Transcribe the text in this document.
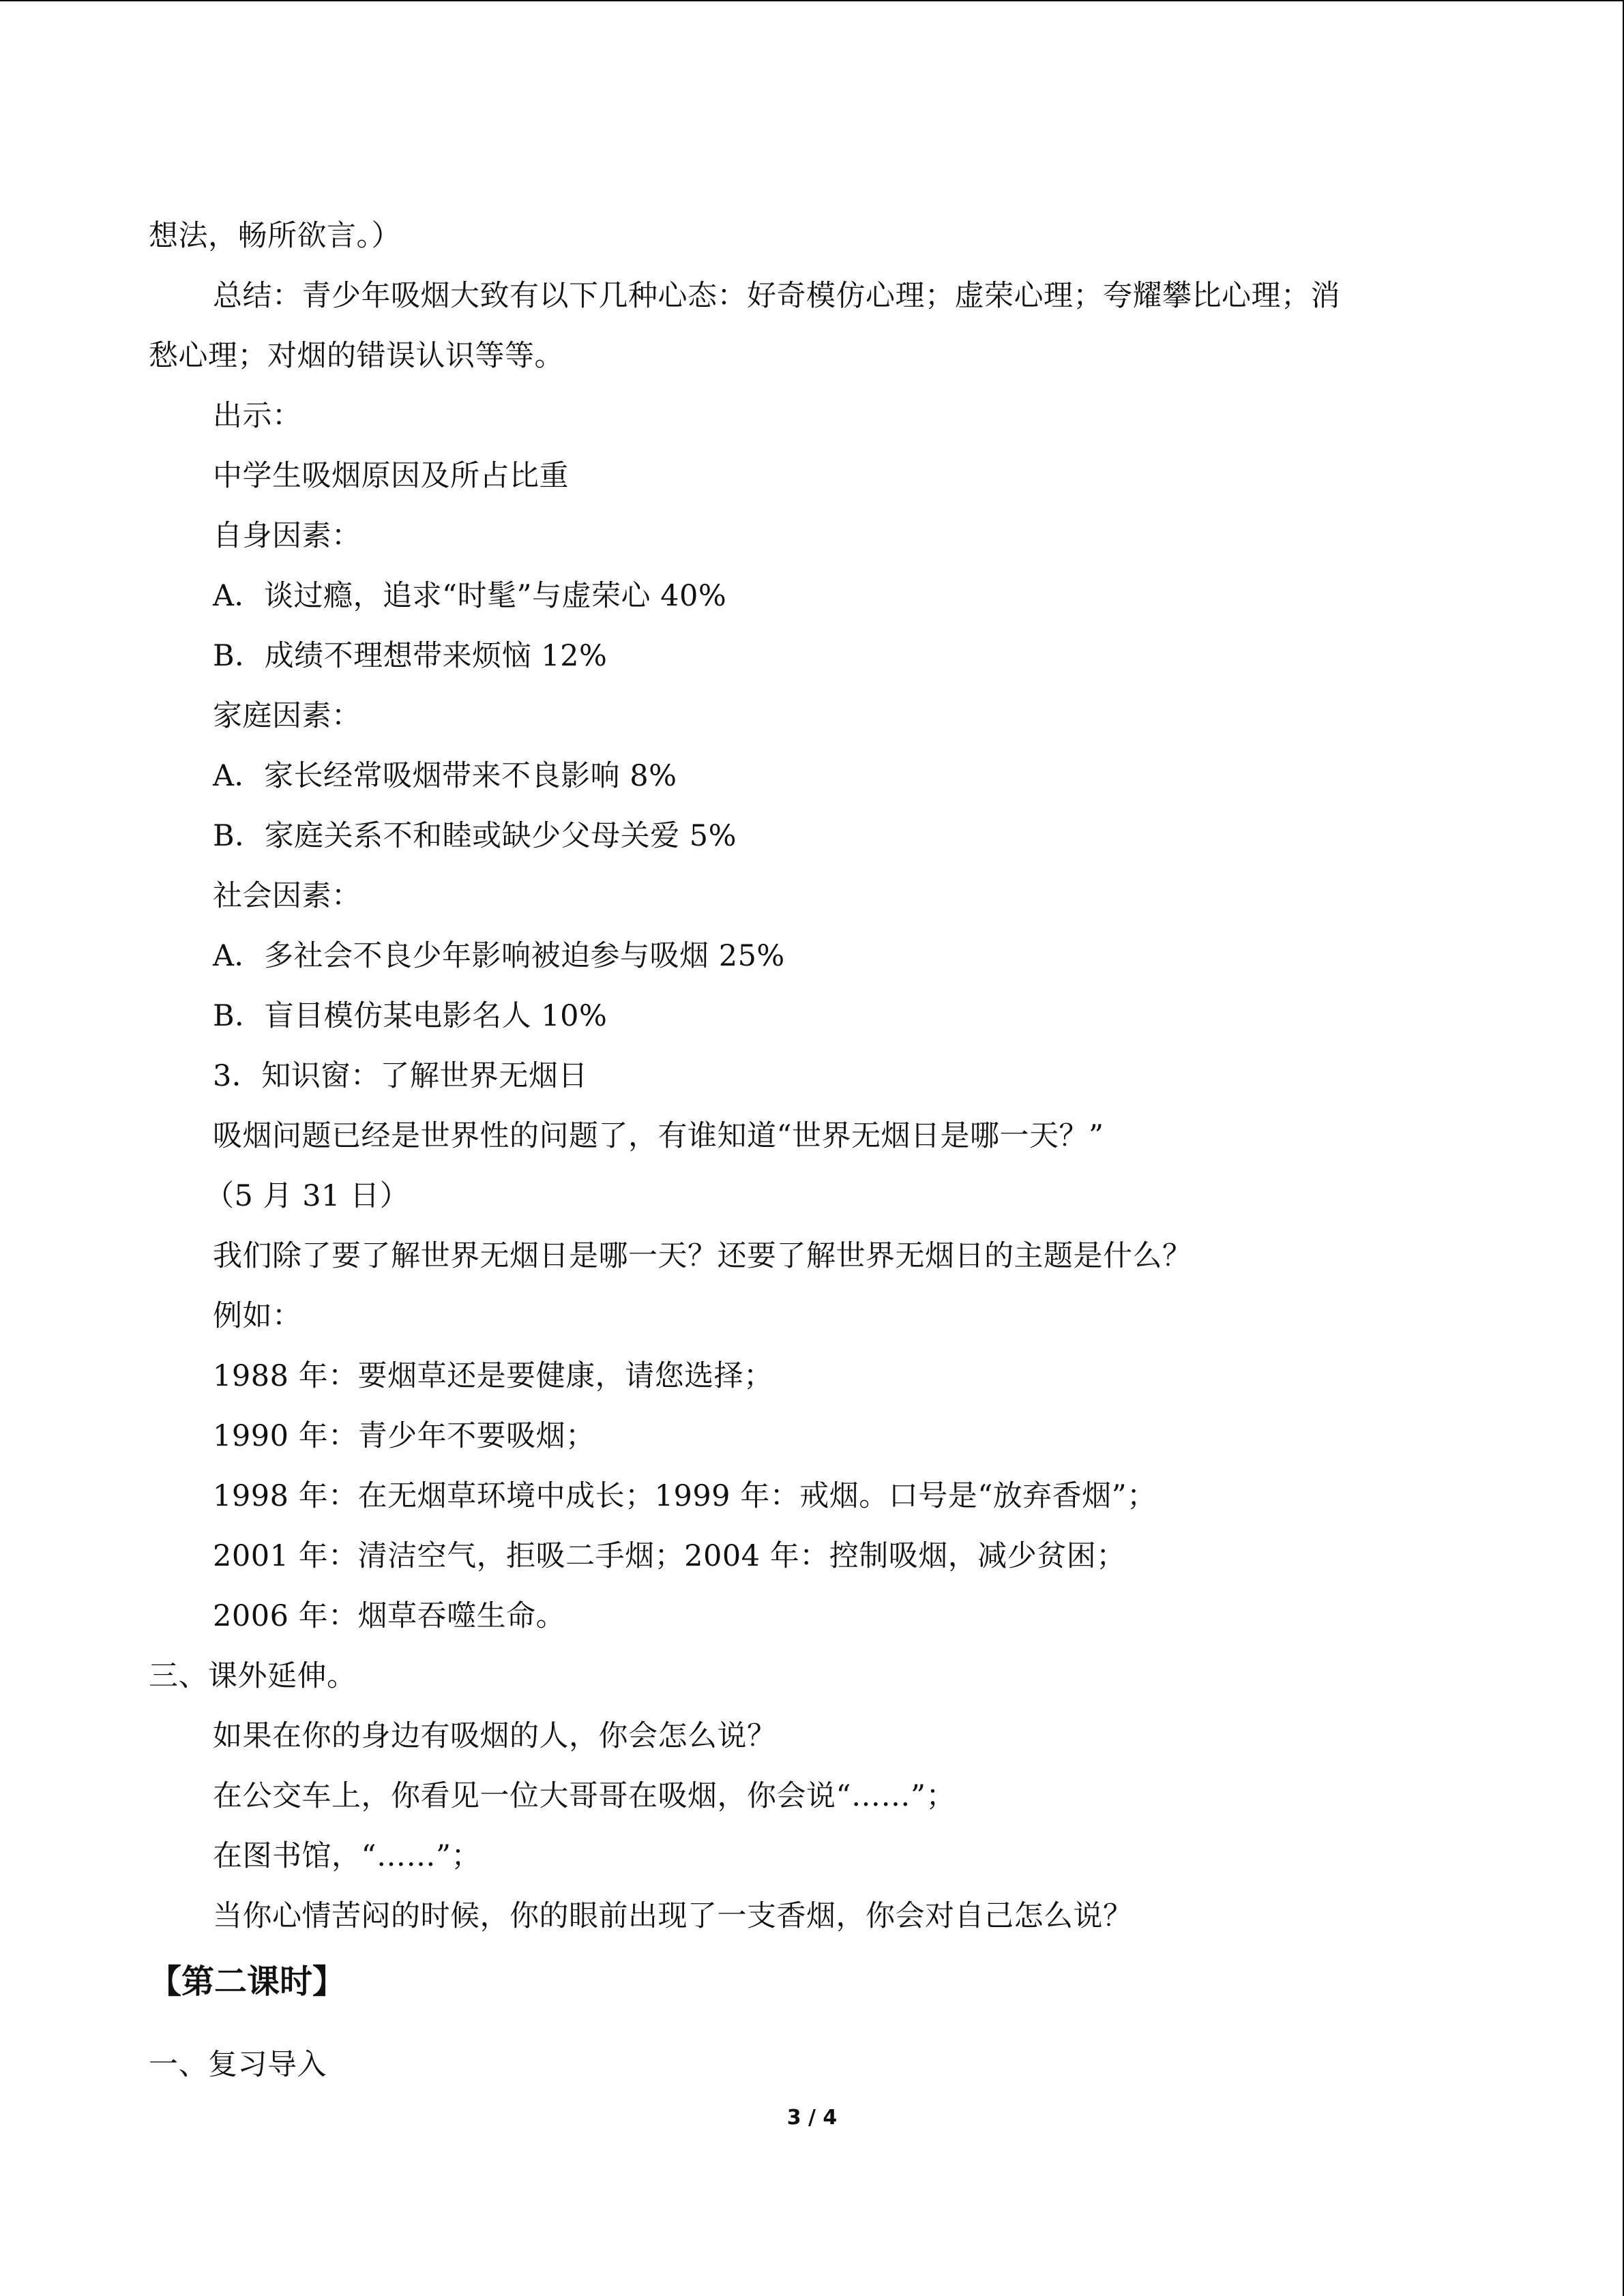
想法，畅所欲言。）
总结：青少年吸烟大致有以下几种心态：好奇模仿心理；虚荣心理；夸耀攀比心理；消
愁心理；对烟的错误认识等等。
出示：
中学生吸烟原因及所占比重
自身因素：
A．谈过瘾，追求“时髦”与虚荣心 40%
B．成绩不理想带来烦恼 12%
家庭因素：
A．家长经常吸烟带来不良影响 8%
B．家庭关系不和睦或缺少父母关爱 5%
社会因素：
A．多社会不良少年影响被迫参与吸烟 25%
B．盲目模仿某电影名人 10%
3．知识窗：了解世界无烟日
吸烟问题已经是世界性的问题了，有谁知道“世界无烟日是哪一天？”
（5 月 31 日）
我们除了要了解世界无烟日是哪一天？还要了解世界无烟日的主题是什么？
例如：
1988 年：要烟草还是要健康，请您选择；
1990 年：青少年不要吸烟；
1998 年：在无烟草环境中成长；1999 年：戒烟。口号是“放弃香烟”；
2001 年：清洁空气，拒吸二手烟；2004 年：控制吸烟，减少贫困；
2006 年：烟草吞噬生命。
三、课外延伸。
如果在你的身边有吸烟的人，你会怎么说？
在公交车上，你看见一位大哥哥在吸烟，你会说“……”；
在图书馆，“……”；
当你心情苦闷的时候，你的眼前出现了一支香烟，你会对自己怎么说？
【第二课时】
一、复习导入
3 / 4
